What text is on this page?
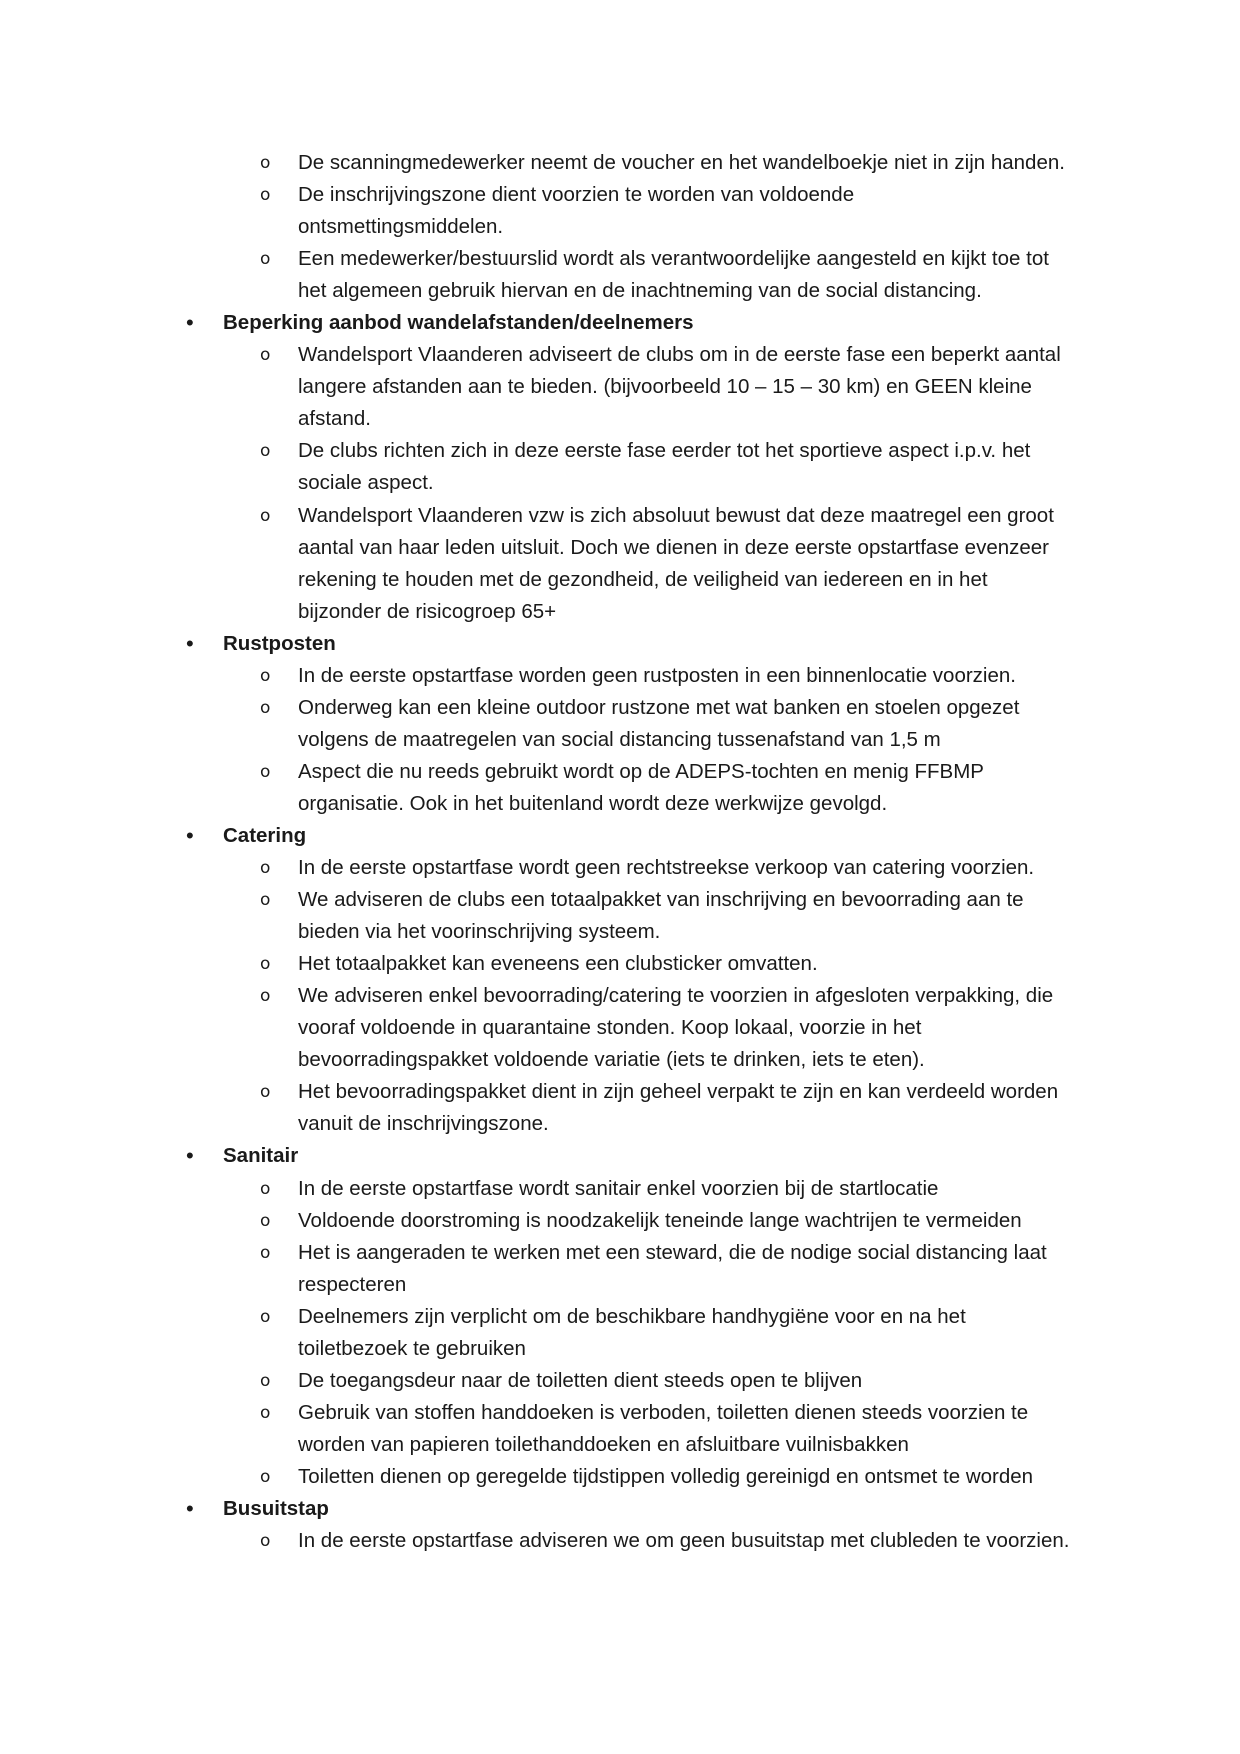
o De scanningmedewerker neemt de voucher en het wandelboekje niet in zijn handen.
o De inschrijvingszone dient voorzien te worden van voldoende
ontsmettingsmiddelen.
o Een medewerker/bestuurslid wordt als verantwoordelijke aangesteld en kijkt toe tot
het algemeen gebruik hiervan en de inachtneming van de social distancing.
• Beperking aanbod wandelafstanden/deelnemers
o Wandelsport Vlaanderen adviseert de clubs om in de eerste fase een beperkt aantal
langere afstanden aan te bieden. (bijvoorbeeld 10 – 15 – 30 km) en GEEN kleine
afstand.
o De clubs richten zich in deze eerste fase eerder tot het sportieve aspect i.p.v. het
sociale aspect.
o Wandelsport Vlaanderen vzw is zich absoluut bewust dat deze maatregel een groot
aantal van haar leden uitsluit. Doch we dienen in deze eerste opstartfase evenzeer
rekening te houden met de gezondheid, de veiligheid van iedereen en in het
bijzonder de risicogroep 65+
• Rustposten
o In de eerste opstartfase worden geen rustposten in een binnenlocatie voorzien.
o Onderweg kan een kleine outdoor rustzone met wat banken en stoelen opgezet
volgens de maatregelen van social distancing tussenafstand van 1,5 m
o Aspect die nu reeds gebruikt wordt op de ADEPS-tochten en menig FFBMP
organisatie. Ook in het buitenland wordt deze werkwijze gevolgd.
• Catering
o In de eerste opstartfase wordt geen rechtstreekse verkoop van catering voorzien.
o We adviseren de clubs een totaalpakket van inschrijving en bevoorrading aan te
bieden via het voorinschrijving systeem.
o Het totaalpakket kan eveneens een clubsticker omvatten.
o We adviseren enkel bevoorrading/catering te voorzien in afgesloten verpakking, die
vooraf voldoende in quarantaine stonden. Koop lokaal, voorzie in het
bevoorradingspakket voldoende variatie (iets te drinken, iets te eten).
o Het bevoorradingspakket dient in zijn geheel verpakt te zijn en kan verdeeld worden
vanuit de inschrijvingszone.
• Sanitair
o In de eerste opstartfase wordt sanitair enkel voorzien bij de startlocatie
o Voldoende doorstroming is noodzakelijk teneinde lange wachtrijen te vermeiden
o Het is aangeraden te werken met een steward, die de nodige social distancing laat
respecteren
o Deelnemers zijn verplicht om de beschikbare handhygiëne voor en na het
toiletbezoek te gebruiken
o De toegangsdeur naar de toiletten dient steeds open te blijven
o Gebruik van stoffen handdoeken is verboden, toiletten dienen steeds voorzien te
worden van papieren toilethanddoeken en afsluitbare vuilnisbakken
o Toiletten dienen op geregelde tijdstippen volledig gereinigd en ontsmet te worden
• Busuitstap
o In de eerste opstartfase adviseren we om geen busuitstap met clubleden te voorzien.
